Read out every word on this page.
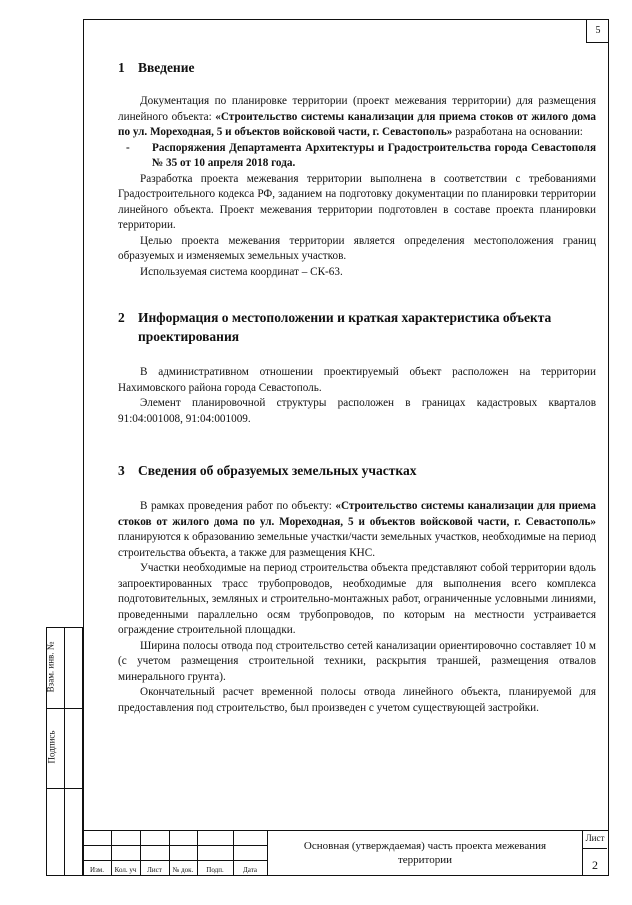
5
Взам. инв. №
Подпись
1 Введение

Документация по планировке территории (проект межевания территории) для размещения линейного объекта: «Строительство системы канализации для приема стоков от жилого дома по ул. Мореходная, 5 и объектов войсковой части, г. Севастополь» разработана на основании:

-	Распоряжения Департамента Архитектуры и Градостроительства города Севастополя № 35 от 10 апреля 2018 года.

Разработка проекта межевания территории выполнена в соответствии с требованиями Градостроительного кодекса РФ, заданием на подготовку документации по планировки территории линейного объекта. Проект межевания территории подготовлен в составе проекта планировки территории.

Целью проекта межевания территории является определения местоположения границ образуемых и изменяемых земельных участков.

Используемая система координат – СК-63.

2 Информация о местоположении и краткая характеристика объекта проектирования

В административном отношении проектируемый объект расположен на территории Нахимовского района города Севастополь.

Элемент планировочной структуры расположен в границах кадастровых кварталов 91:04:001008, 91:04:001009.

3 Сведения об образуемых земельных участках

В рамках проведения работ по объекту: «Строительство системы канализации для приема стоков от жилого дома по ул. Мореходная, 5 и объектов войсковой части, г. Севастополь» планируются к образованию земельные участки/части земельных участков, необходимые на период строительства объекта, а также для размещения КНС.

Участки необходимые на период строительства объекта представляют собой территории вдоль запроектированных трасс трубопроводов, необходимые для выполнения всего комплекса подготовительных, земляных и строительно-монтажных работ, ограниченные условными линиями, проведенными параллельно осям трубопроводов, по которым на местности устраивается ограждение строительной площадки.

Ширина полосы отвода под строительство сетей канализации ориентировочно составляет 10 м (с учетом размещения строительной техники, раскрытия траншей, размещения отвалов минерального грунта).

Окончательный расчет временной полосы отвода линейного объекта, планируемой для предоставления под строительство, был произведен с учетом существующей застройки.

Изм.	Кол. уч	Лист	№ док.	Подп.	Дата
Основная (утверждаемая) часть проекта межевания территории
Лист
2
